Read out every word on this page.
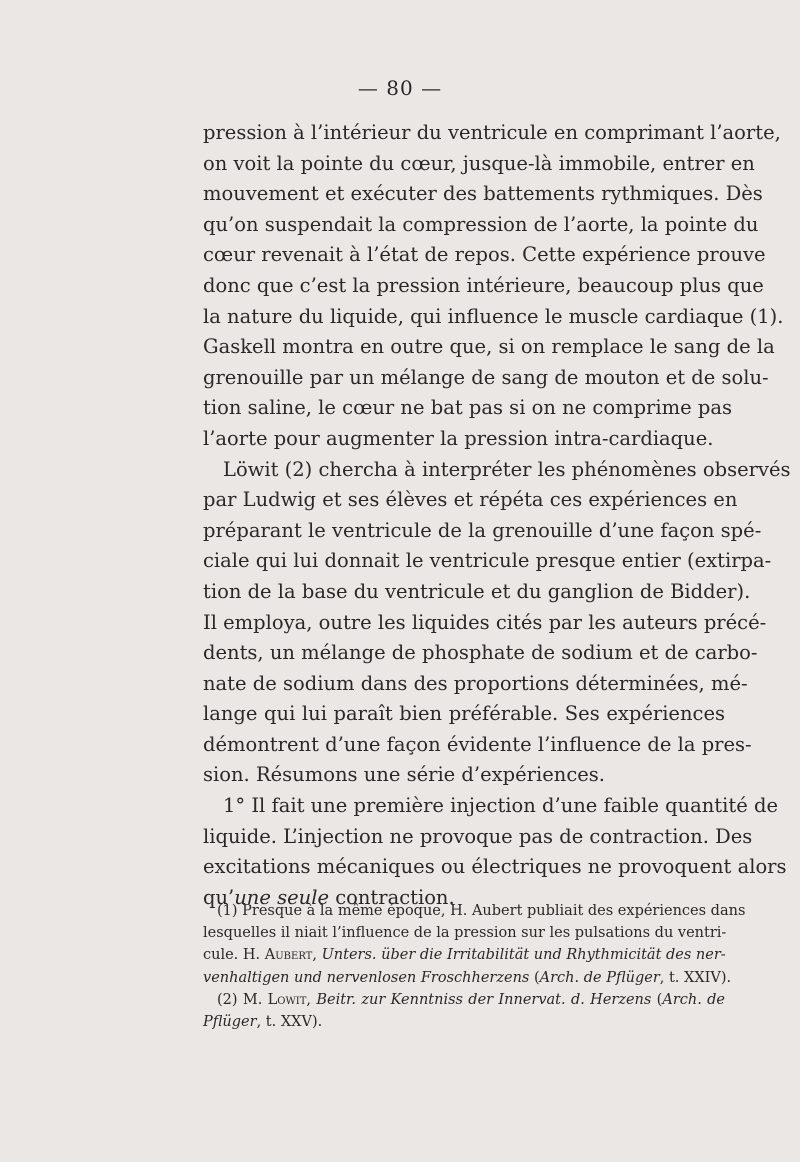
— 80 —
pression à l’intérieur du ventricule en comprimant l’aorte,
on voit la pointe du cœur, jusque-là immobile, entrer en
mouvement et exécuter des battements rythmiques. Dès
qu’on suspendait la compression de l’aorte, la pointe du
cœur revenait à l’état de repos. Cette expérience prouve
donc que c’est la pression intérieure, beaucoup plus que
la nature du liquide, qui influence le muscle cardiaque (1).
Gaskell montra en outre que, si on remplace le sang de la
grenouille par un mélange de sang de mouton et de solu-
tion saline, le cœur ne bat pas si on ne comprime pas
l’aorte pour augmenter la pression intra-cardiaque.
Löwit (2) chercha à interpréter les phénomènes observés
par Ludwig et ses élèves et répéta ces expériences en
préparant le ventricule de la grenouille d’une façon spé-
ciale qui lui donnait le ventricule presque entier (extirpa-
tion de la base du ventricule et du ganglion de Bidder).
Il employa, outre les liquides cités par les auteurs précé-
dents, un mélange de phosphate de sodium et de carbo-
nate de sodium dans des proportions déterminées, mé-
lange qui lui paraît bien préférable. Ses expériences
démontrent d’une façon évidente l’influence de la pres-
sion. Résumons une série d’expériences.
1° Il fait une première injection d’une faible quantité de
liquide. L’injection ne provoque pas de contraction. Des
excitations mécaniques ou électriques ne provoquent alors
qu’une seule contraction.
(1) Presque à la même époque, H. Aubert publiait des expériences dans
lesquelles il niait l’influence de la pression sur les pulsations du ventri-
cule. H. Aubert, Unters. über die Irritabilität und Rhythmicität des ner-
venhaltigen und nervenlosen Froschherzens (Arch. de Pflüger, t. XXIV).
(2) M. Lowit, Beitr. zur Kenntniss der Innervat. d. Herzens (Arch. de
Pflüger, t. XXV).
